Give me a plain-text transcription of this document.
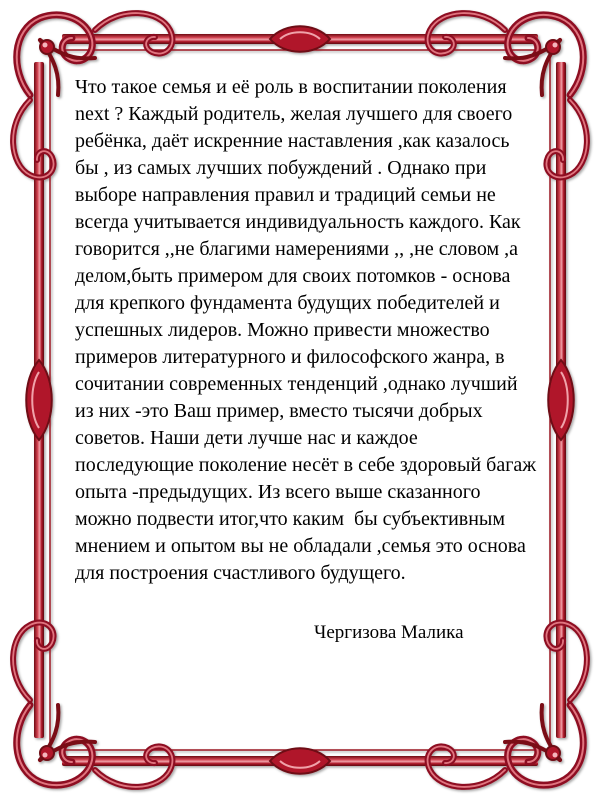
Что такое семья и её роль в воспитании поколения
next ? Каждый родитель, желая лучшего для своего
ребёнка, даёт искренние наставления ,как казалось
бы , из самых лучших побуждений . Однако при
выборе направления правил и традиций семьи не
всегда учитывается индивидуальность каждого. Как
говорится ,,не благими намерениями ,, ,не словом ,а
делом,быть примером для своих потомков - основа
для крепкого фундамента будущих победителей и
успешных лидеров. Можно привести множество
примеров литературного и философского жанра, в
сочитании современных тенденций ,однако лучший
из них -это Ваш пример, вместо тысячи добрых
советов. Наши дети лучше нас и каждое
последующие поколение несёт в себе здоровый багаж
опыта -предыдущих. Из всего выше сказанного
можно подвести итог,что каким  бы субъективным
мнением и опытом вы не обладали ,семья это основа
для построения счастливого будущего.
Чергизова Малика
